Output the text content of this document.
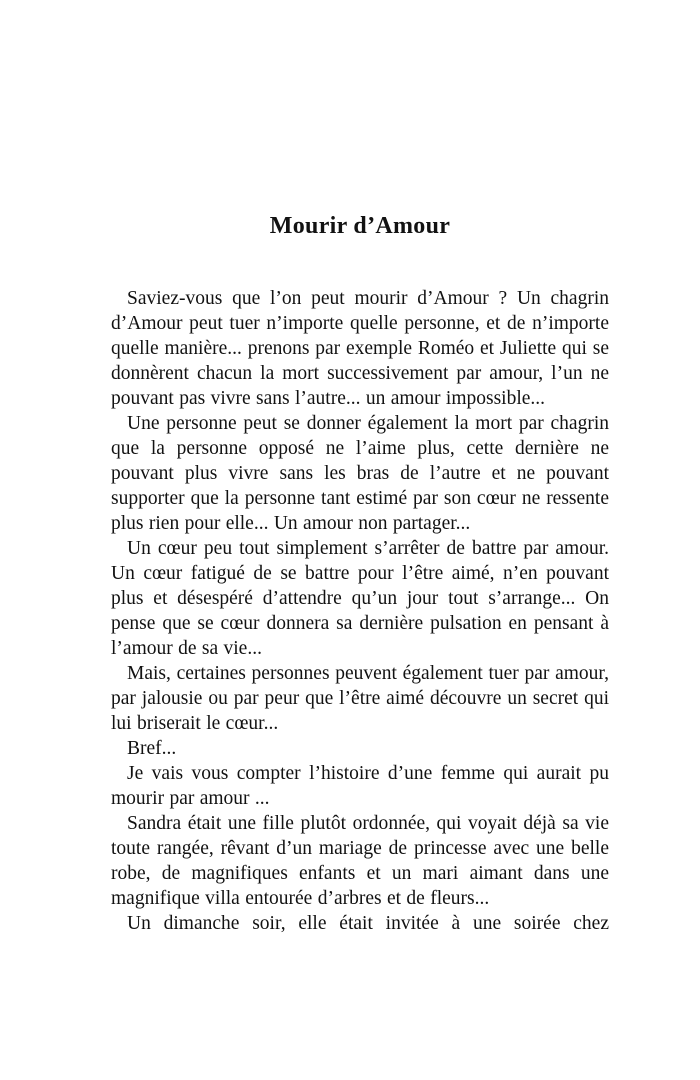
Mourir d’Amour

Saviez-vous que l’on peut mourir d’Amour ? Un chagrin d’Amour peut tuer n’importe quelle personne, et de n’importe quelle manière... prenons par exemple Roméo et Juliette qui se donnèrent chacun la mort successivement par amour, l’un ne pouvant pas vivre sans l’autre... un amour impossible...

Une personne peut se donner également la mort par chagrin que la personne opposé ne l’aime plus, cette dernière ne pouvant plus vivre sans les bras de l’autre et ne pouvant supporter que la personne tant estimé par son cœur ne ressente plus rien pour elle... Un amour non partager...

Un cœur peu tout simplement s’arrêter de battre par amour. Un cœur fatigué de se battre pour l’être aimé, n’en pouvant plus et désespéré d’attendre qu’un jour tout s’arrange... On pense que se cœur donnera sa dernière pulsation en pensant à l’amour de sa vie...

Mais, certaines personnes peuvent également tuer par amour, par jalousie ou par peur que l’être aimé découvre un secret qui lui briserait le cœur...

Bref...

Je vais vous compter l’histoire d’une femme qui aurait pu mourir par amour ...

Sandra était une fille plutôt ordonnée, qui voyait déjà sa vie toute rangée, rêvant d’un mariage de princesse avec une belle robe, de magnifiques enfants et un mari aimant dans une magnifique villa entourée d’arbres et de fleurs...

Un dimanche soir, elle était invitée à une soirée chez
